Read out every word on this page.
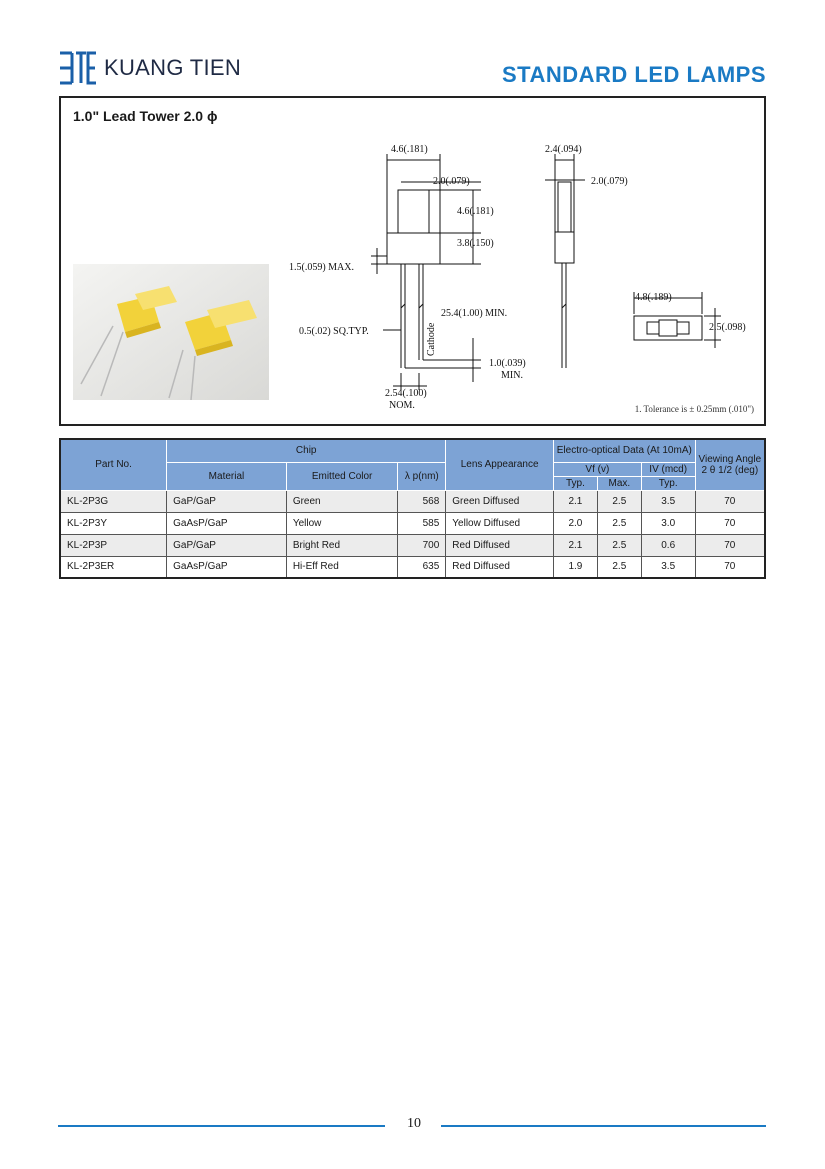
KUANG TIEN	STANDARD LED LAMPS
1.0" Lead Tower 2.0 ɸ
4.6(.181)
2.0(.079)
4.6(.181)
3.8(.150)
1.5(.059) MAX.
25.4(1.00) MIN.
0.5(.02) SQ.TYP.	Cathode
1.0(.039)
MIN.
2.54(.100)
NOM.
2.4(.094)
2.0(.079)
4.8(.189)
2.5(.098)
1. Tolerance is ± 0.25mm (.010")
Part No.	Chip			Lens Appearance	Electro-optical Data (At 10mA)			Viewing Angle 2 θ 1/2 (deg)
	Material	Emitted Color	λ p(nm)		Vf (v)		IV (mcd)	
					Typ.	Max.	Typ.	
KL-2P3G	GaP/GaP	Green	568	Green Diffused	2.1	2.5	3.5	70
KL-2P3Y	GaAsP/GaP	Yellow	585	Yellow Diffused	2.0	2.5	3.0	70
KL-2P3P	GaP/GaP	Bright Red	700	Red Diffused	2.1	2.5	0.6	70
KL-2P3ER	GaAsP/GaP	Hi-Eff Red	635	Red Diffused	1.9	2.5	3.5	70
10
